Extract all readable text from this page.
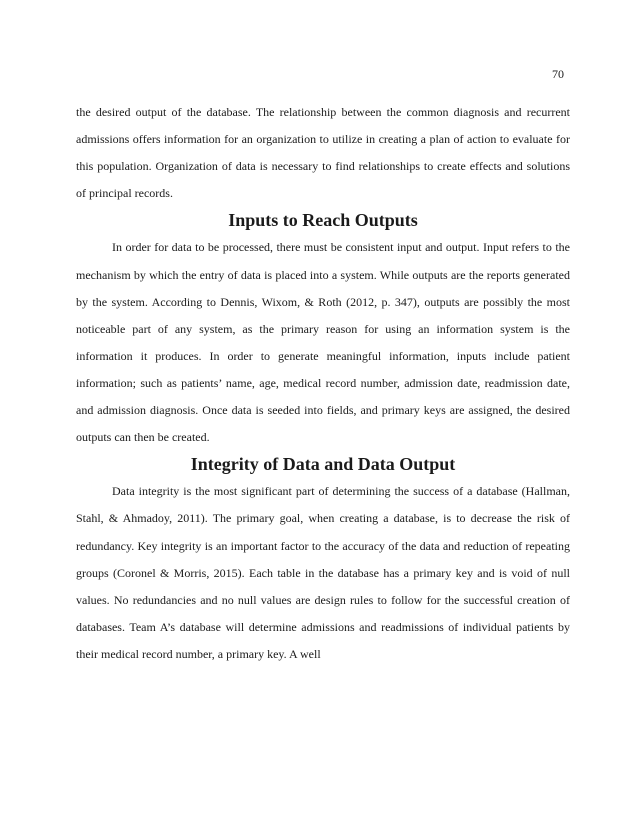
70

the desired output of the database. The relationship between the common diagnosis and recurrent admissions offers information for an organization to utilize in creating a plan of action to evaluate for this population. Organization of data is necessary to find relationships to create effects and solutions of principal records.

Inputs to Reach Outputs

In order for data to be processed, there must be consistent input and output. Input refers to the mechanism by which the entry of data is placed into a system. While outputs are the reports generated by the system. According to Dennis, Wixom, & Roth (2012, p. 347), outputs are possibly the most noticeable part of any system, as the primary reason for using an information system is the information it produces. In order to generate meaningful information, inputs include patient information; such as patients’ name, age, medical record number, admission date, readmission date, and admission diagnosis. Once data is seeded into fields, and primary keys are assigned, the desired outputs can then be created.

Integrity of Data and Data Output

Data integrity is the most significant part of determining the success of a database (Hallman, Stahl, & Ahmadoy, 2011). The primary goal, when creating a database, is to decrease the risk of redundancy. Key integrity is an important factor to the accuracy of the data and reduction of repeating groups (Coronel & Morris, 2015). Each table in the database has a primary key and is void of null values. No redundancies and no null values are design rules to follow for the successful creation of databases. Team A’s database will determine admissions and readmissions of individual patients by their medical record number, a primary key. A well
